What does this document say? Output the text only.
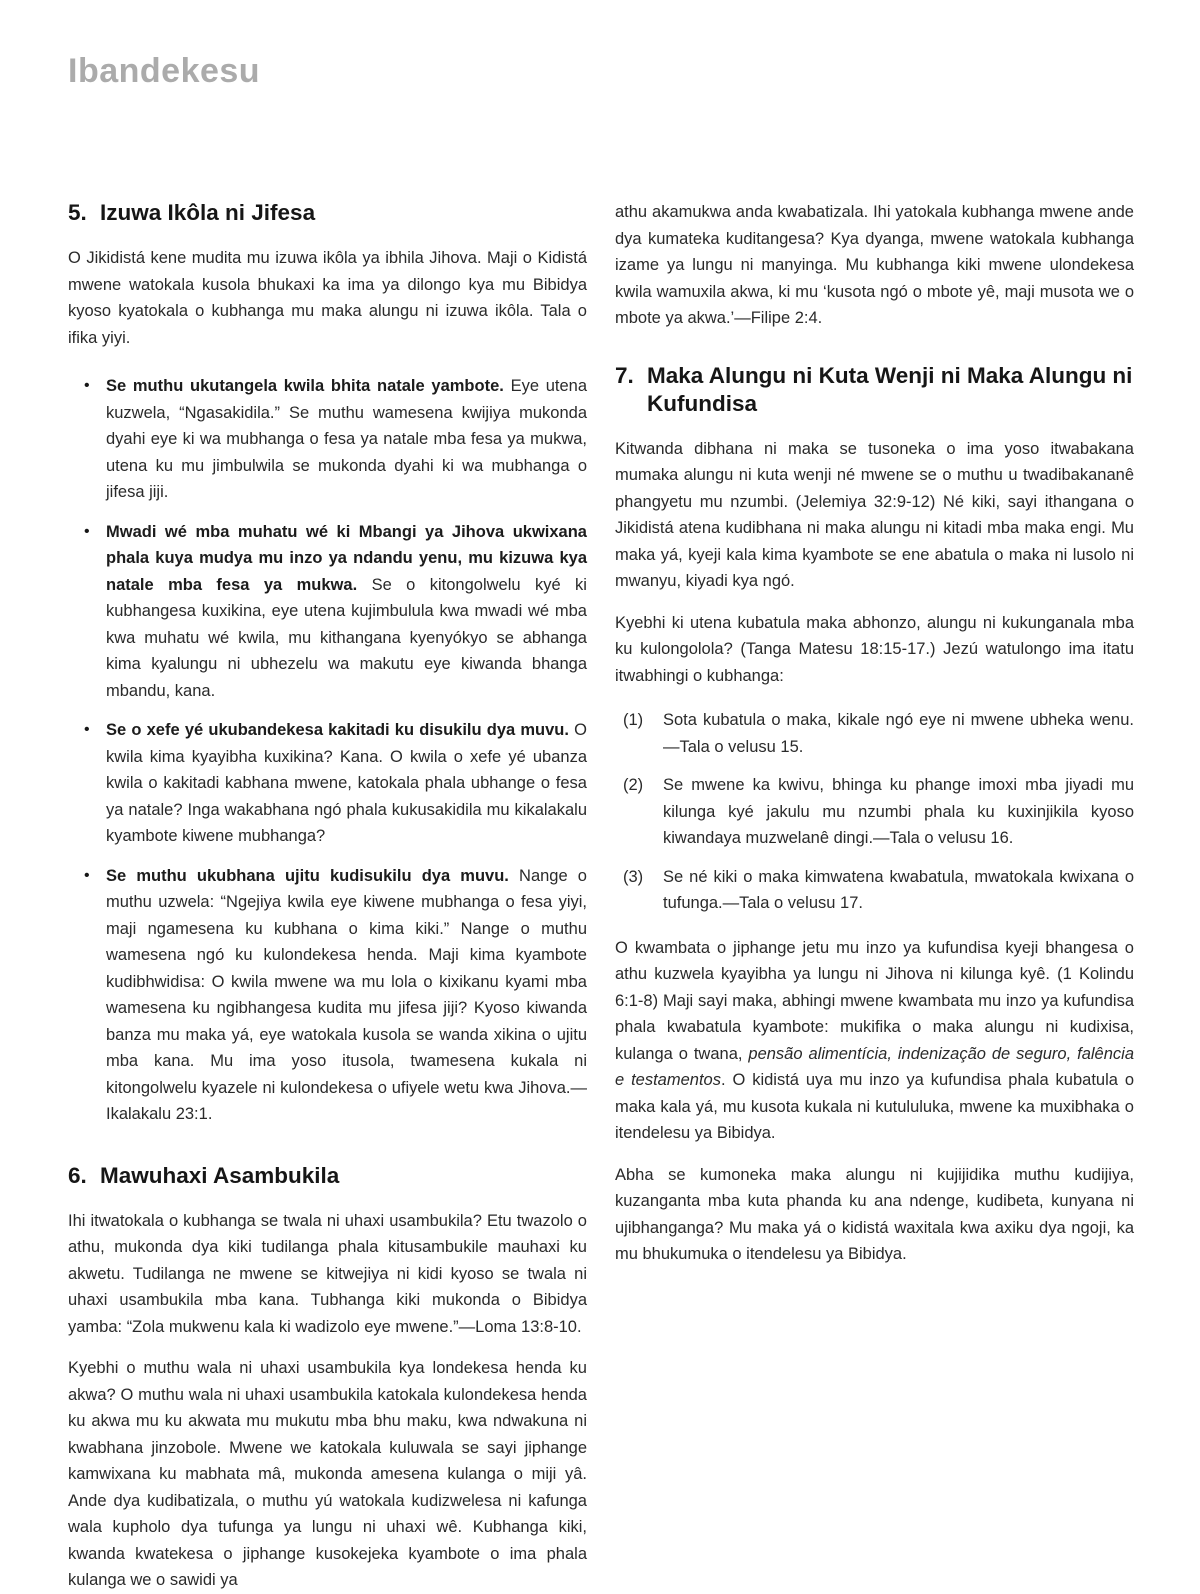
Ibandekesu
5. Izuwa Ikôla ni Jifesa

O Jikidistá kene mudita mu izuwa ikôla ya ibhila Jihova. Maji o Kidistá mwene watokala kusola bhukaxi ka ima ya dilongo kya mu Bibidya kyoso kyatokala o kubhanga mu maka alungu ni izuwa ikôla. Tala o ifika yiyi.

• Se muthu ukutangela kwila bhita natale yambote. Eye utena kuzwela, “Ngasakidila.” Se muthu wamesena kwijiya mukonda dyahi eye ki wa mubhanga o fesa ya natale mba fesa ya mukwa, utena ku mu jimbulwila se mukonda dyahi ki wa mubhanga o jifesa jiji.
• Mwadi wé mba muhatu wé ki Mbangi ya Jihova ukwixana phala kuya mudya mu inzo ya ndandu yenu, mu kizuwa kya natale mba fesa ya mukwa. Se o kitongolwelu kyé ki kubhangesa kuxikina, eye utena kujimbulula kwa mwadi wé mba kwa muhatu wé kwila, mu kithangana kyenyókyo se abhanga kima kyalungu ni ubhezelu wa makutu eye kiwanda bhanga mbandu, kana.
• Se o xefe yé ukubandekesa kakitadi ku disukilu dya muvu. O kwila kima kyayibha kuxikina? Kana. O kwila o xefe yé ubanza kwila o kakitadi kabhana mwene, katokala phala ubhange o fesa ya natale? Inga wakabhana ngó phala kukusakidila mu kikalakalu kyambote kiwene mubhanga?
• Se muthu ukubhana ujitu kudisukilu dya muvu. Nange o muthu uzwela: “Ngejiya kwila eye kiwene mubhanga o fesa yiyi, maji ngamesena ku kubhana o kima kiki.” Nange o muthu wamesena ngó ku kulondekesa henda. Maji kima kyambote kudibhwidisa: O kwila mwene wa mu lola o kixikanu kyami mba wamesena ku ngibhangesa kudita mu jifesa jiji? Kyoso kiwanda banza mu maka yá, eye watokala kusola se wanda xikina o ujitu mba kana. Mu ima yoso itusola, twamesena kukala ni kitongolwelu kyazele ni kulondekesa o ufiyele wetu kwa Jihova.—Ikalakalu 23:1.
6. Mawuhaxi Asambukila

Ihi itwatokala o kubhanga se twala ni uhaxi usambukila? Etu twazolo o athu, mukonda dya kiki tudilanga phala kitusambukile mauhaxi ku akwetu. Tudilanga ne mwene se kitwejiya ni kidi kyoso se twala ni uhaxi usambukila mba kana. Tubhanga kiki mukonda o Bibidya yamba: “Zola mukwenu kala ki wadizolo eye mwene.”—Loma 13:8-10.

Kyebhi o muthu wala ni uhaxi usambukila kya londekesa henda ku akwa? O muthu wala ni uhaxi usambukila katokala kulondekesa henda ku akwa mu ku akwata mu mukutu mba bhu maku, kwa ndwakuna ni kwabhana jinzobole. Mwene we katokala kuluwala se sayi jiphange kamwixana ku mabhata mâ, mukonda amesena kulanga o miji yâ. Ande dya kudibatizala, o muthu yú watokala kudizwelesa ni kafunga wala kupholo dya tufunga ya lungu ni uhaxi wê. Kubhanga kiki, kwanda kwatekesa o jiphange kusokejeka kyambote o ima phala kulanga we o sawidi ya

athu akamukwa anda kwabatizala. Ihi yatokala kubhanga mwene ande dya kumateka kuditangesa? Kya dyanga, mwene watokala kubhanga izame ya lungu ni manyinga. Mu kubhanga kiki mwene ulondekesa kwila wamuxila akwa, ki mu ‘kusota ngó o mbote yê, maji musota we o mbote ya akwa.’—Filipe 2:4.

7. Maka Alungu ni Kuta Wenji ni Maka Alungu ni Kufundisa

Kitwanda dibhana ni maka se tusoneka o ima yoso itwabakana mumaka alungu ni kuta wenji né mwene se o muthu u twadibakananê phangyetu mu nzumbi. (Jelemiya 32:9-12) Né kiki, sayi ithangana o Jikidistá atena kudibhana ni maka alungu ni kitadi mba maka engi. Mu maka yá, kyeji kala kima kyambote se ene abatula o maka ni lusolo ni mwanyu, kiyadi kya ngó.

Kyebhi ki utena kubatula maka abhonzo, alungu ni kukunganala mba ku kulongolola? (Tanga Matesu 18:15-17.) Jezú watulongo ima itatu itwabhingi o kubhanga:

(1)	Sota kubatula o maka, kikale ngó eye ni mwene ubheka wenu.—Tala o velusu 15.
(2)	Se mwene ka kwivu, bhinga ku phange imoxi mba jiyadi mu kilunga kyé jakulu mu nzumbi phala ku kuxinjikila kyoso kiwandaya muzwelanê dingi.—Tala o velusu 16.
(3)	Se né kiki o maka kimwatena kwabatula, mwatokala kwixana o tufunga.—Tala o velusu 17.

O kwambata o jiphange jetu mu inzo ya kufundisa kyeji bhangesa o athu kuzwela kyayibha ya lungu ni Jihova ni kilunga kyê. (1 Kolindu 6:1-8) Maji sayi maka, abhingi mwene kwambata mu inzo ya kufundisa phala kwabatula kyambote: mukifika o maka alungu ni kudixisa, kulanga o twana, pensão alimentícia, indenização de seguro, falência e testamentos. O kidistá uya mu inzo ya kufundisa phala kubatula o maka kala yá, mu kusota kukala ni kutululuka, mwene ka muxibhaka o itendelesu ya Bibidya.

Abha se kumoneka maka alungu ni kujijidika muthu kudijiya, kuzanganta mba kuta phanda ku ana ndenge, kudibeta, kunyana ni ujibhanganga? Mu maka yá o kidistá waxitala kwa axiku dya ngoji, ka mu bhukumuka o itendelesu ya Bibidya.
